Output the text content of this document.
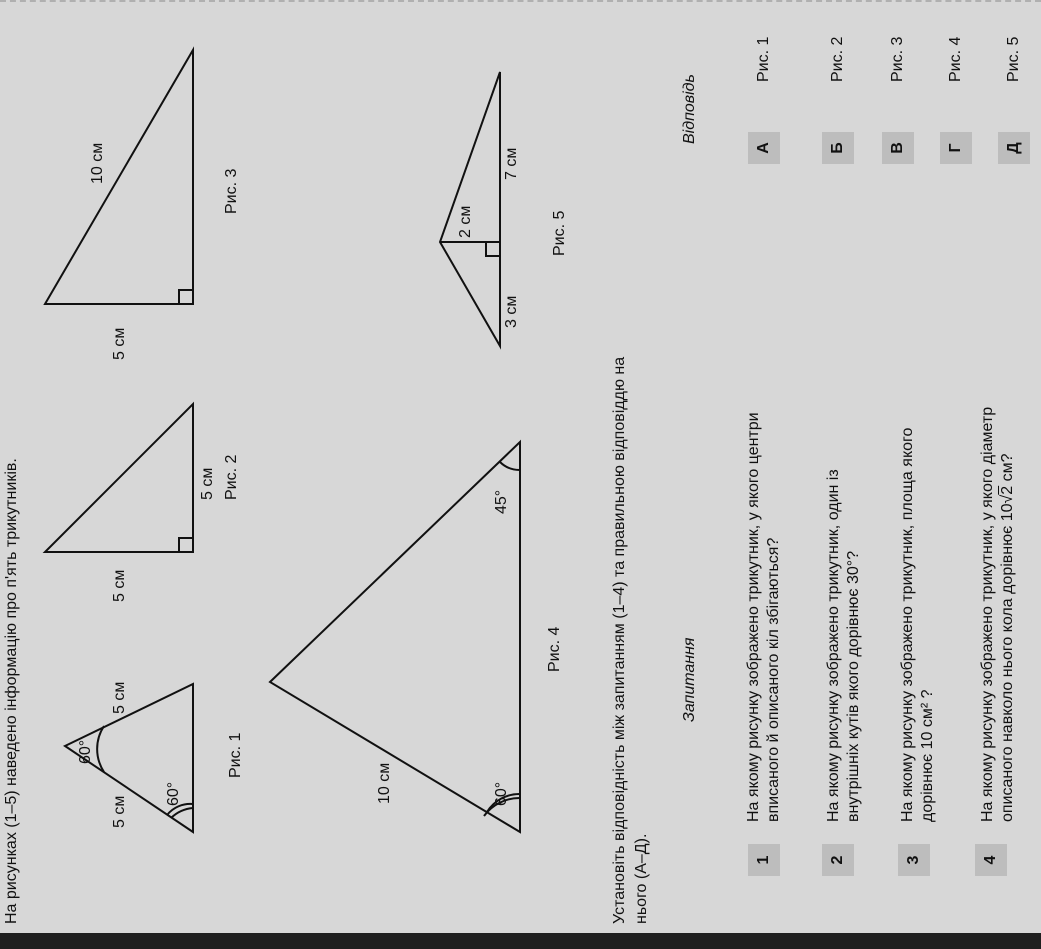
На рисунках (1–5) наведено інформацію про п'ять трикутників.	5 см
5 см
60°
60°
Рис. 1
5 см
5 см Рис. 2
5 см
10 см
Рис. 3
10 см	60°
45°
Рис. 4
3 см
7 см
2 см	Рис. 5
Установіть відповідність між запитанням (1–4) та правильною відповіддю на нього (А–Д).
Запитання
Відповідь
1
На якому рисунку зображено трикутник, у якого центри вписаного й описаного кіл збігаються?
2
На якому рисунку зображено трикутник, один із внутрішніх кутів якого дорівнює 30°?
3
На якому рисунку зображено трикутник, площа якого дорівнює 10 см² ?
4
На якому рисунку зображено трикутник, у якого діаметр описаного навколо нього кола дорівнює 10√2 см?
А
Рис. 1
Б
Рис. 2
В
Рис. 3
Г
Рис. 4
Д
Рис. 5
